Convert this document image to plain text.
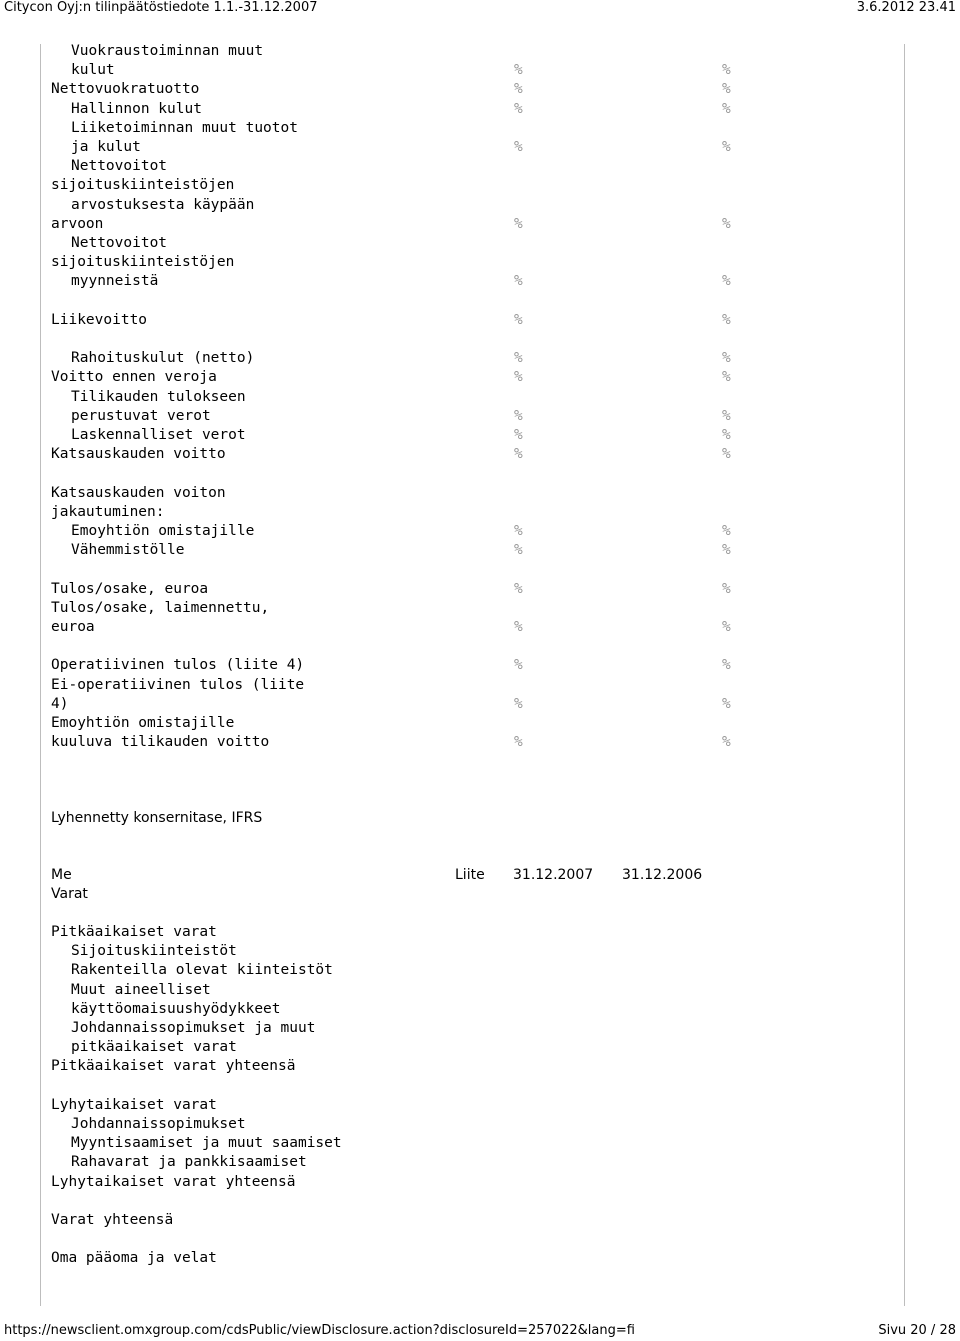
Citycon Oyj:n tilinpäätöstiedote 1.1.-31.12.2007	3.6.2012 23.41
Vuokraustoiminnan muut
kulut	%	%
Nettovuokratuotto	%	%
Hallinnon kulut	%	%
Liiketoiminnan muut tuotot
ja kulut	%	%
Nettovoitot
sijoituskiinteistöjen
arvostuksesta käypään
arvoon	%	%
Nettovoitot
sijoituskiinteistöjen
myynneistä	%	%
Liikevoitto	%	%
Rahoituskulut (netto)	%	%
Voitto ennen veroja	%	%
Tilikauden tulokseen
perustuvat verot	%	%
Laskennalliset verot	%	%
Katsauskauden voitto	%	%
Katsauskauden voiton
jakautuminen:
Emoyhtiön omistajille	%	%
Vähemmistölle	%	%
Tulos/osake, euroa	%	%
Tulos/osake, laimennettu,
euroa	%	%
Operatiivinen tulos (liite 4)	%	%
Ei-operatiivinen tulos (liite
4)	%	%
Emoyhtiön omistajille
kuuluva tilikauden voitto	%	%
Lyhennetty konsernitase, IFRS
Me	Liite 31.12.2007 31.12.2006
Varat
Pitkäaikaiset varat
Sijoituskiinteistöt
Rakenteilla olevat kiinteistöt
Muut aineelliset
käyttöomaisuushyödykkeet
Johdannaissopimukset ja muut
pitkäaikaiset varat
Pitkäaikaiset varat yhteensä
Lyhytaikaiset varat
Johdannaissopimukset
Myyntisaamiset ja muut saamiset
Rahavarat ja pankkisaamiset
Lyhytaikaiset varat yhteensä
Varat yhteensä
Oma pääoma ja velat
https://newsclient.omxgroup.com/cdsPublic/viewDisclosure.action?disclosureId=257022&lang=fi	Sivu 20 / 28
